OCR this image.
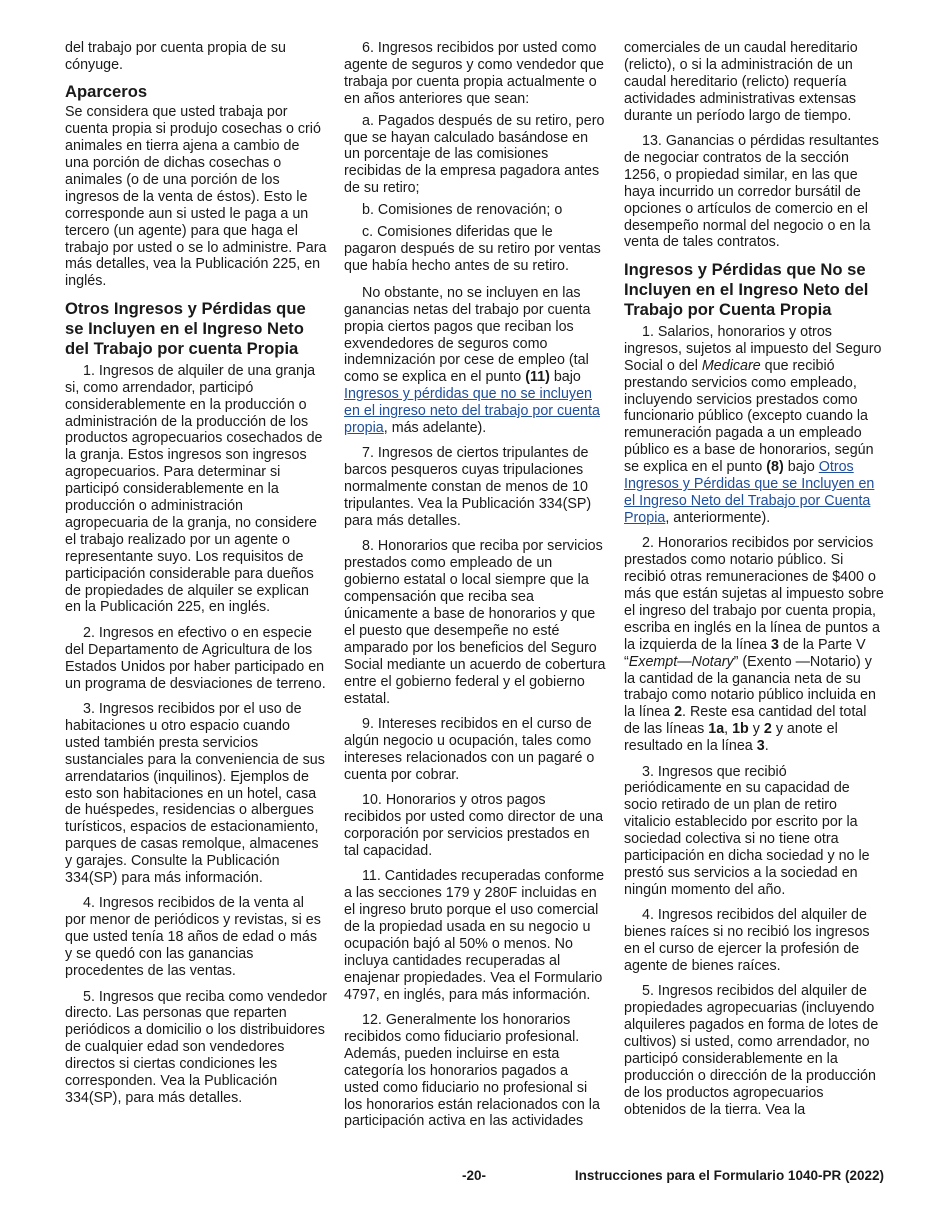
del trabajo por cuenta propia de su cónyuge.

Aparceros

Se considera que usted trabaja por cuenta propia si produjo cosechas o crió animales en tierra ajena a cambio de una porción de dichas cosechas o animales (o de una porción de los ingresos de la venta de éstos). Esto le corresponde aun si usted le paga a un tercero (un agente) para que haga el trabajo por usted o se lo administre. Para más detalles, vea la Publicación 225, en inglés.

Otros Ingresos y Pérdidas que se Incluyen en el Ingreso Neto del Trabajo por cuenta Propia

1. Ingresos de alquiler de una granja si, como arrendador, participó considerablemente en la producción o administración de la producción de los productos agropecuarios cosechados de la granja. Estos ingresos son ingresos agropecuarios. Para determinar si participó considerablemente en la producción o administración agropecuaria de la granja, no considere el trabajo realizado por un agente o representante suyo. Los requisitos de participación considerable para dueños de propiedades de alquiler se explican en la Publicación 225, en inglés.

2. Ingresos en efectivo o en especie del Departamento de Agricultura de los Estados Unidos por haber participado en un programa de desviaciones de terreno.

3. Ingresos recibidos por el uso de habitaciones u otro espacio cuando usted también presta servicios sustanciales para la conveniencia de sus arrendatarios (inquilinos). Ejemplos de esto son habitaciones en un hotel, casa de huéspedes, residencias o albergues turísticos, espacios de estacionamiento, parques de casas remolque, almacenes y garajes. Consulte la Publicación 334(SP) para más información.

4. Ingresos recibidos de la venta al por menor de periódicos y revistas, si es que usted tenía 18 años de edad o más y se quedó con las ganancias procedentes de las ventas.

5. Ingresos que reciba como vendedor directo. Las personas que reparten periódicos a domicilio o los distribuidores de cualquier edad son vendedores directos si ciertas condiciones les corresponden. Vea la Publicación 334(SP), para más detalles.

6. Ingresos recibidos por usted como agente de seguros y como vendedor que trabaja por cuenta propia actualmente o en años anteriores que sean:

a. Pagados después de su retiro, pero que se hayan calculado basándose en un porcentaje de las comisiones recibidas de la empresa pagadora antes de su retiro;

b. Comisiones de renovación; o

c. Comisiones diferidas que le pagaron después de su retiro por ventas que había hecho antes de su retiro.

No obstante, no se incluyen en las ganancias netas del trabajo por cuenta propia ciertos pagos que reciban los exvendedores de seguros como indemnización por cese de empleo (tal como se explica en el punto (11) bajo Ingresos y pérdidas que no se incluyen en el ingreso neto del trabajo por cuenta propia, más adelante).

7. Ingresos de ciertos tripulantes de barcos pesqueros cuyas tripulaciones normalmente constan de menos de 10 tripulantes. Vea la Publicación 334(SP) para más detalles.

8. Honorarios que reciba por servicios prestados como empleado de un gobierno estatal o local siempre que la compensación que reciba sea únicamente a base de honorarios y que el puesto que desempeñe no esté amparado por los beneficios del Seguro Social mediante un acuerdo de cobertura entre el gobierno federal y el gobierno estatal.

9. Intereses recibidos en el curso de algún negocio u ocupación, tales como intereses relacionados con un pagaré o cuenta por cobrar.

10. Honorarios y otros pagos recibidos por usted como director de una corporación por servicios prestados en tal capacidad.

11. Cantidades recuperadas conforme a las secciones 179 y 280F incluidas en el ingreso bruto porque el uso comercial de la propiedad usada en su negocio u ocupación bajó al 50% o menos. No incluya cantidades recuperadas al enajenar propiedades. Vea el Formulario 4797, en inglés, para más información.

12. Generalmente los honorarios recibidos como fiduciario profesional. Además, pueden incluirse en esta categoría los honorarios pagados a usted como fiduciario no profesional si los honorarios están relacionados con la participación activa en las actividades

comerciales de un caudal hereditario (relicto), o si la administración de un caudal hereditario (relicto) requería actividades administrativas extensas durante un período largo de tiempo.

13. Ganancias o pérdidas resultantes de negociar contratos de la sección 1256, o propiedad similar, en las que haya incurrido un corredor bursátil de opciones o artículos de comercio en el desempeño normal del negocio o en la venta de tales contratos.

Ingresos y Pérdidas que No se Incluyen en el Ingreso Neto del Trabajo por Cuenta Propia

1. Salarios, honorarios y otros ingresos, sujetos al impuesto del Seguro Social o del Medicare que recibió prestando servicios como empleado, incluyendo servicios prestados como funcionario público (excepto cuando la remuneración pagada a un empleado público es a base de honorarios, según se explica en el punto (8) bajo Otros Ingresos y Pérdidas que se Incluyen en el Ingreso Neto del Trabajo por Cuenta Propia, anteriormente).

2. Honorarios recibidos por servicios prestados como notario público. Si recibió otras remuneraciones de $400 o más que están sujetas al impuesto sobre el ingreso del trabajo por cuenta propia, escriba en inglés en la línea de puntos a la izquierda de la línea 3 de la Parte V “Exempt—Notary” (Exento —Notario) y la cantidad de la ganancia neta de su trabajo como notario público incluida en la línea 2. Reste esa cantidad del total de las líneas 1a, 1b y 2 y anote el resultado en la línea 3.

3. Ingresos que recibió periódicamente en su capacidad de socio retirado de un plan de retiro vitalicio establecido por escrito por la sociedad colectiva si no tiene otra participación en dicha sociedad y no le prestó sus servicios a la sociedad en ningún momento del año.

4. Ingresos recibidos del alquiler de bienes raíces si no recibió los ingresos en el curso de ejercer la profesión de agente de bienes raíces.

5. Ingresos recibidos del alquiler de propiedades agropecuarias (incluyendo alquileres pagados en forma de lotes de cultivos) si usted, como arrendador, no participó considerablemente en la producción o dirección de la producción de los productos agropecuarios obtenidos de la tierra. Vea la

-20-	Instrucciones para el Formulario 1040-PR (2022)
